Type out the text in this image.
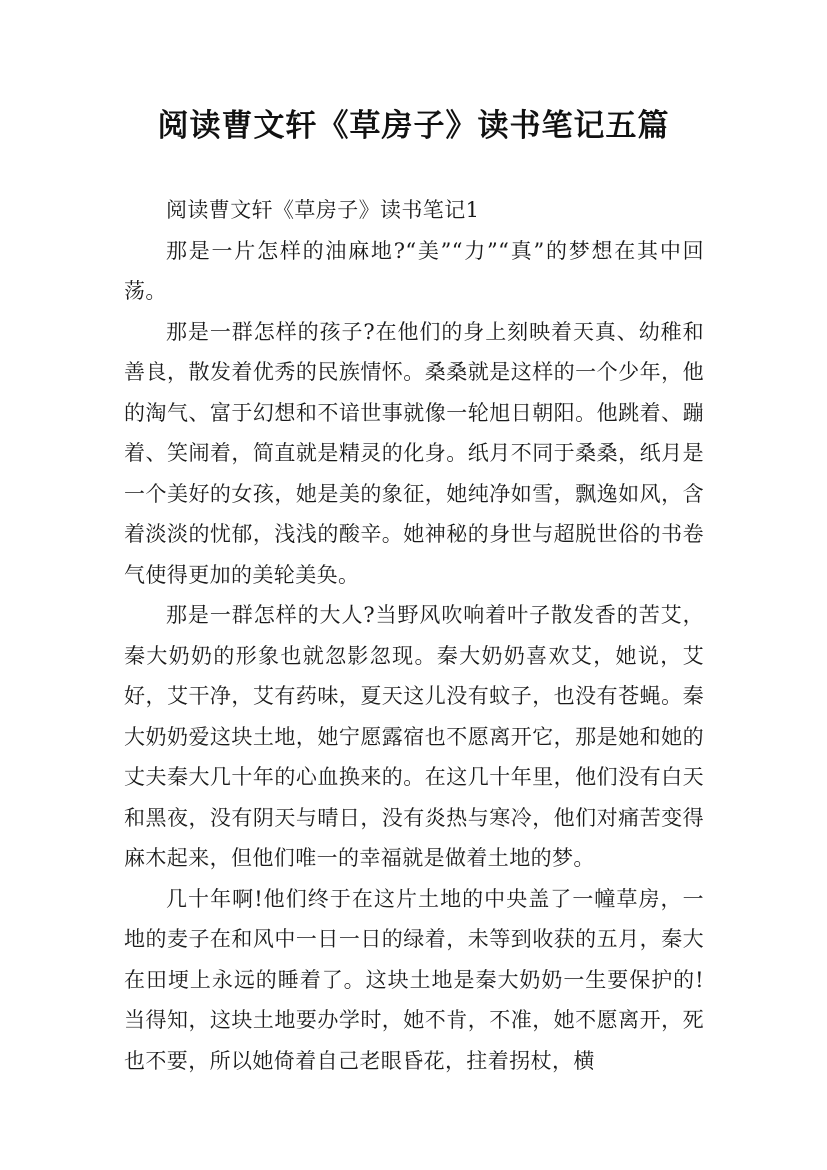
阅读曹文轩《草房子》读书笔记五篇

阅读曹文轩《草房子》读书笔记1

那是一片怎样的油麻地?“美”“力”“真”的梦想在其中回荡。

那是一群怎样的孩子?在他们的身上刻映着天真、幼稚和善良，散发着优秀的民族情怀。桑桑就是这样的一个少年，他的淘气、富于幻想和不谙世事就像一轮旭日朝阳。他跳着、蹦着、笑闹着，简直就是精灵的化身。纸月不同于桑桑，纸月是一个美好的女孩，她是美的象征，她纯净如雪，飘逸如风，含着淡淡的忧郁，浅浅的酸辛。她神秘的身世与超脱世俗的书卷气使得更加的美轮美奂。

那是一群怎样的大人?当野风吹响着叶子散发香的苦艾，秦大奶奶的形象也就忽影忽现。秦大奶奶喜欢艾，她说，艾好，艾干净，艾有药味，夏天这儿没有蚊子，也没有苍蝇。秦大奶奶爱这块土地，她宁愿露宿也不愿离开它，那是她和她的丈夫秦大几十年的心血换来的。在这几十年里，他们没有白天和黑夜，没有阴天与晴日，没有炎热与寒冷，他们对痛苦变得麻木起来，但他们唯一的幸福就是做着土地的梦。

几十年啊!他们终于在这片土地的中央盖了一幢草房，一地的麦子在和风中一日一日的绿着，未等到收获的五月，秦大在田埂上永远的睡着了。这块土地是秦大奶奶一生要保护的!当得知，这块土地要办学时，她不肯，不准，她不愿离开，死也不要，所以她倚着自己老眼昏花，拄着拐杖，横
